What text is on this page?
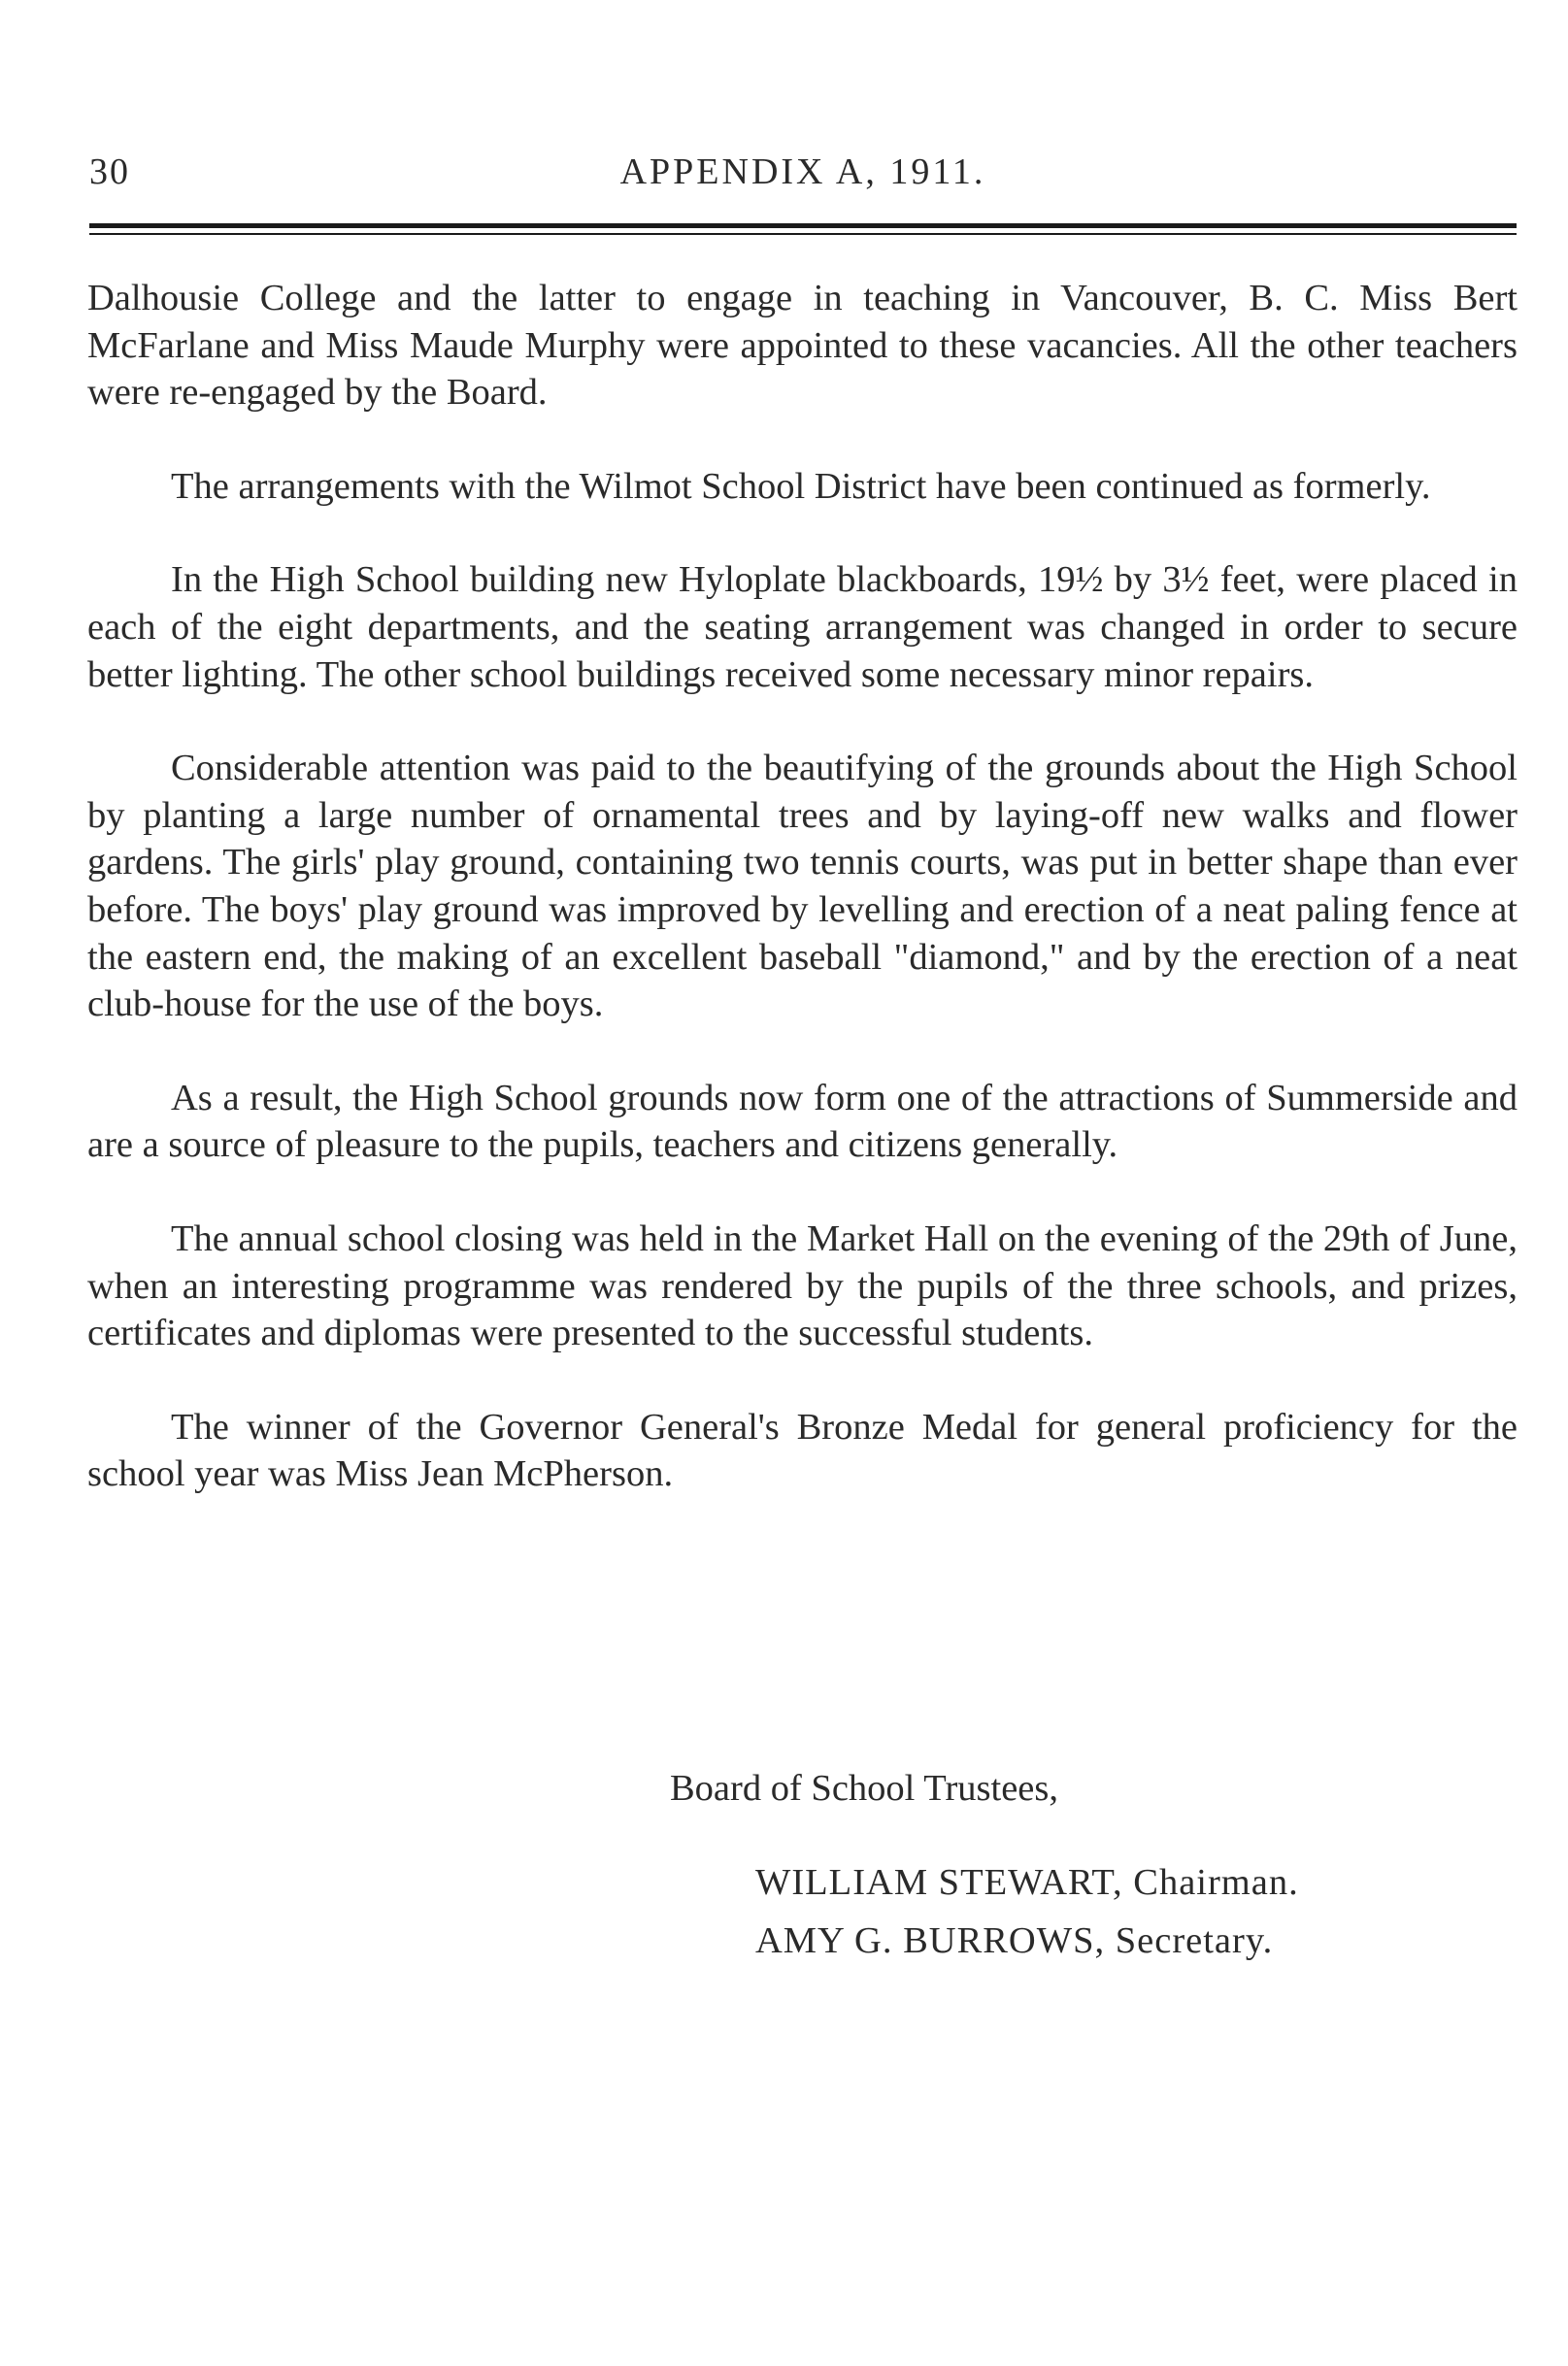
30	APPENDIX A, 1911.

Dalhousie College and the latter to engage in teaching in Vancouver, B. C. Miss Bert McFarlane and Miss Maude Murphy were appointed to these vacancies. All the other teachers were re-engaged by the Board.

The arrangements with the Wilmot School District have been continued as formerly.

In the High School building new Hyloplate blackboards, 19½ by 3½ feet, were placed in each of the eight departments, and the seating arrangement was changed in order to secure better lighting. The other school buildings received some necessary minor repairs.

Considerable attention was paid to the beautifying of the grounds about the High School by planting a large number of ornamental trees and by laying-off new walks and flower gardens. The girls' play ground, containing two tennis courts, was put in better shape than ever before. The boys' play ground was improved by levelling and erection of a neat paling fence at the eastern end, the making of an excellent baseball "diamond," and by the erection of a neat club-house for the use of the boys.

As a result, the High School grounds now form one of the attractions of Summerside and are a source of pleasure to the pupils, teachers and citizens generally.

The annual school closing was held in the Market Hall on the evening of the 29th of June, when an interesting programme was rendered by the pupils of the three schools, and prizes, certificates and diplomas were presented to the successful students.

The winner of the Governor General's Bronze Medal for general proficiency for the school year was Miss Jean McPherson.

Board of School Trustees,
WILLIAM STEWART, Chairman.
AMY G. BURROWS, Secretary.
